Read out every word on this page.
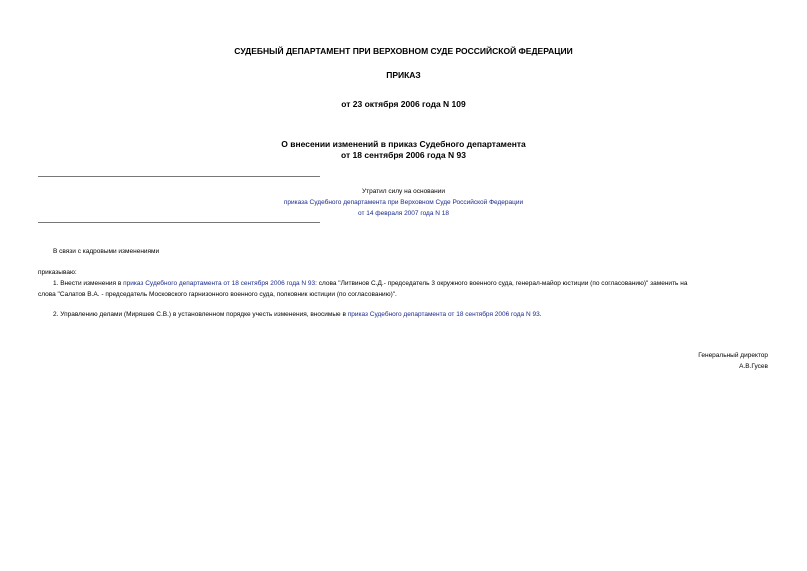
СУДЕБНЫЙ ДЕПАРТАМЕНТ ПРИ ВЕРХОВНОМ СУДЕ РОССИЙСКОЙ ФЕДЕРАЦИИ
ПРИКАЗ
от 23 октября 2006 года N 109
О внесении изменений в приказ Судебного департамента
от 18 сентября 2006 года N 93
Утратил силу на основании
приказа Судебного департамента при Верховном Суде Российской Федерации
от 14 февраля 2007 года N 18
В связи с кадровыми изменениями
приказываю:
1. Внести изменения в приказ Судебного департамента от 18 сентября 2006 года N 93: слова "Литвинов С.Д.- председатель 3 окружного военного суда, генерал-майор юстиции (по согласованию)" заменить на
слова "Салатов В.А. - председатель Московского гарнизонного военного суда, полковник юстиции (по согласованию)".
2. Управлению делами (Миряшев С.В.) в установленном порядке учесть изменения, вносимые в приказ Судебного департамента от 18 сентября 2006 года N 93.
Генеральный директор
А.В.Гусев
